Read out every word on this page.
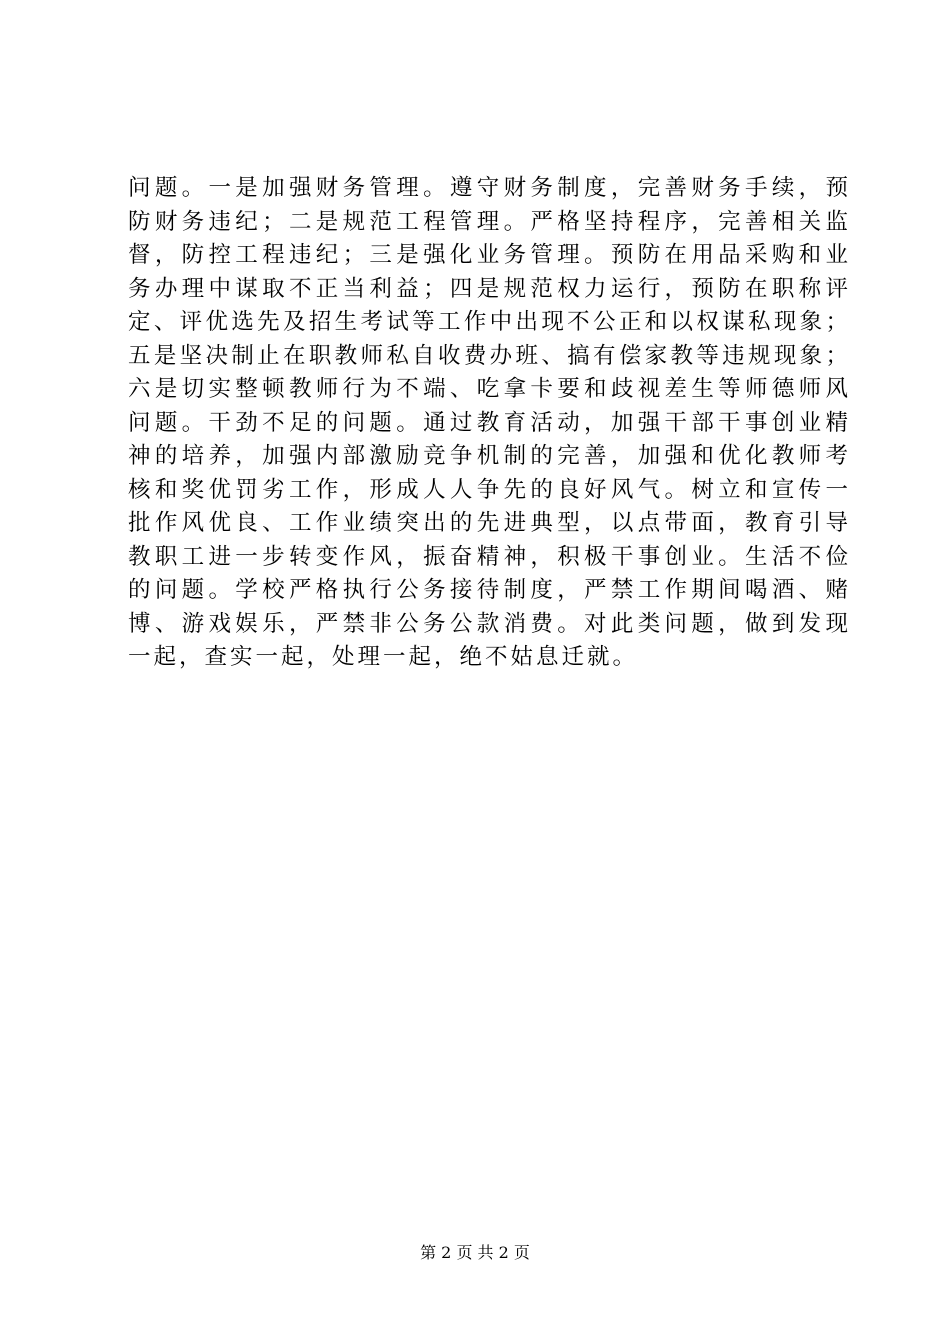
问题。一是加强财务管理。遵守财务制度，完善财务手续，预
防财务违纪；二是规范工程管理。严格坚持程序，完善相关监
督，防控工程违纪；三是强化业务管理。预防在用品采购和业
务办理中谋取不正当利益；四是规范权力运行，预防在职称评
定、评优选先及招生考试等工作中出现不公正和以权谋私现象；
五是坚决制止在职教师私自收费办班、搞有偿家教等违规现象；
六是切实整顿教师行为不端、吃拿卡要和歧视差生等师德师风
问题。干劲不足的问题。通过教育活动，加强干部干事创业精
神的培养，加强内部激励竞争机制的完善，加强和优化教师考
核和奖优罚劣工作，形成人人争先的良好风气。树立和宣传一
批作风优良、工作业绩突出的先进典型，以点带面，教育引导
教职工进一步转变作风，振奋精神，积极干事创业。生活不俭
的问题。学校严格执行公务接待制度，严禁工作期间喝酒、赌
博、游戏娱乐，严禁非公务公款消费。对此类问题，做到发现
一起，查实一起，处理一起，绝不姑息迁就。
第 2 页 共 2 页
